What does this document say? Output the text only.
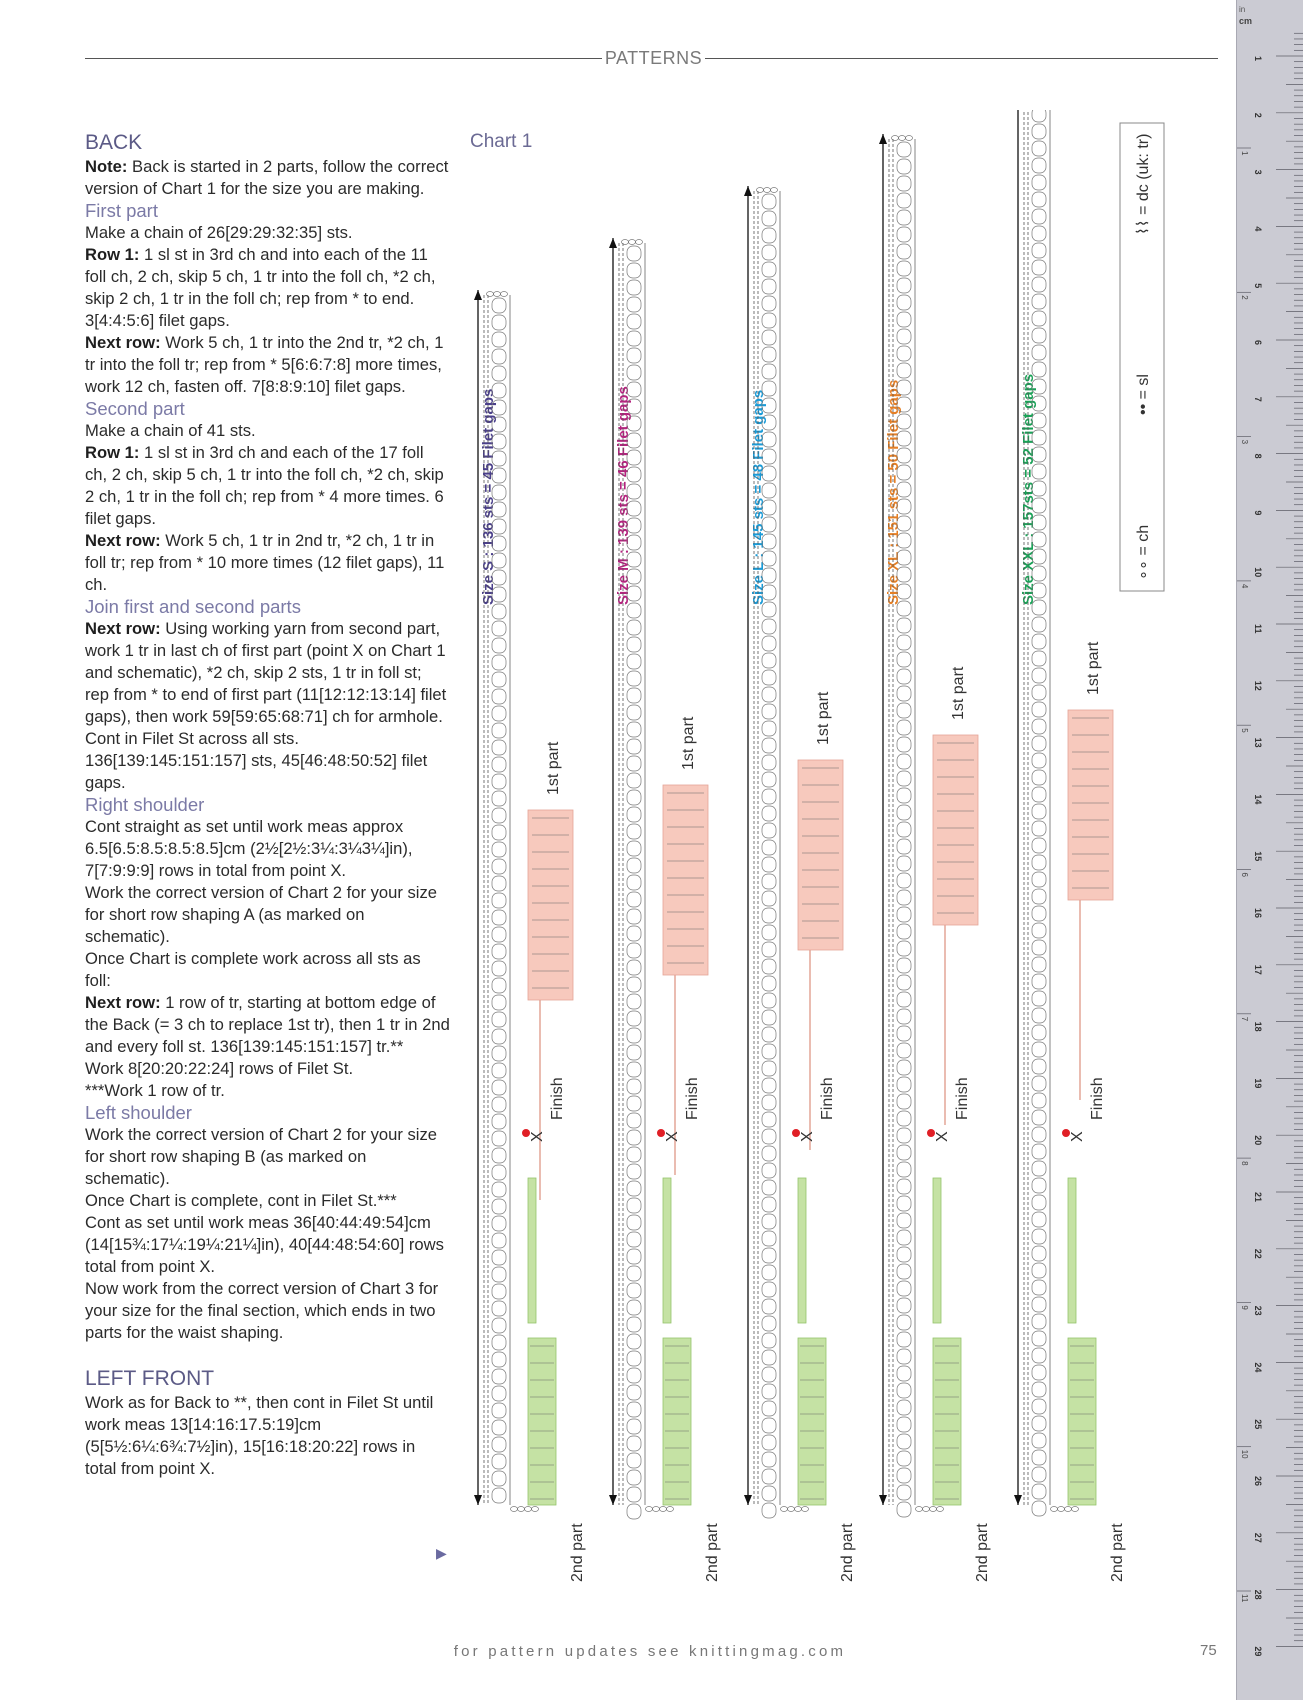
PATTERNS
BACK

Note: Back is started in 2 parts, follow the correct version of Chart 1 for the size you are making.

First part

Make a chain of 26[29:29:32:35] sts.

Row 1: 1 sl st in 3rd ch and into each of the 11 foll ch, 2 ch, skip 5 ch, 1 tr into the foll ch, *2 ch, skip 2 ch, 1 tr in the foll ch; rep from * to end. 3[4:4:5:6] filet gaps.

Next row: Work 5 ch, 1 tr into the 2nd tr, *2 ch, 1 tr into the foll tr; rep from * 5[6:6:7:8] more times, work 12 ch, fasten off. 7[8:8:9:10] filet gaps.

Second part

Make a chain of 41 sts.

Row 1: 1 sl st in 3rd ch and each of the 17 foll ch, 2 ch, skip 5 ch, 1 tr into the foll ch, *2 ch, skip 2 ch, 1 tr in the foll ch; rep from * 4 more times. 6 filet gaps.

Next row: Work 5 ch, 1 tr in 2nd tr, *2 ch, 1 tr in foll tr; rep from * 10 more times (12 filet gaps), 11 ch.

Join first and second parts

Next row: Using working yarn from second part, work 1 tr in last ch of first part (point X on Chart 1 and schematic), *2 ch, skip 2 sts, 1 tr in foll st; rep from * to end of first part (11[12:12:13:14] filet gaps), then work 59[59:65:68:71] ch for armhole.

Cont in Filet St across all sts. 136[139:145:151:157] sts, 45[46:48:50:52] filet gaps.

Right shoulder

Cont straight as set until work meas approx 6.5[6.5:8.5:8.5:8.5]cm (2½[2½:3¼:3¼3¼]in), 7[7:9:9:9] rows in total from point X.

Work the correct version of Chart 2 for your size for short row shaping A (as marked on schematic).

Once Chart is complete work across all sts as foll:

Next row: 1 row of tr, starting at bottom edge of the Back (= 3 ch to replace 1st tr), then 1 tr in 2nd and every foll st. 136[139:145:151:157] tr.**

Work 8[20:20:22:24] rows of Filet St.

***Work 1 row of tr.

Left shoulder

Work the correct version of Chart 2 for your size for short row shaping B (as marked on schematic).

Once Chart is complete, cont in Filet St.***

Cont as set until work meas 36[40:44:49:54]cm (14[15¾:17¼:19¼:21¼]in), 40[44:48:54:60] rows total from point X.

Now work from the correct version of Chart 3 for your size for the final section, which ends in two parts for the waist shaping.

LEFT FRONT

Work as for Back to **, then cont in Filet St until work meas 13[14:16:17.5:19]cm (5[5½:6¼:6¾:7½]in), 15[16:18:20:22] rows in total from point X.

▶
Chart 1
Size S : 136 sts = 45 Filet gaps
1st part
Finish
X
2nd part
Size M : 139 sts = 46 Filet gaps
1st part
Finish
X
2nd part
Size L : 145 sts = 48 Filet gaps
1st part
Finish
X
2nd part
Size XL : 151 sts = 50 Filet gaps
1st part
Finish
X
2nd part
Size XXL : 157sts = 52 Filet gaps
1st part
Finish
X
2nd part
∘∘ = ch
•• = sl
⌇⌇ = dc (uk: tr)
in
cm
1
2
3
4
5
6
7
8
9
10
11
12
13
14
15
16
17
18
19
20
21
22
23
24
25
26
27
28
29
1
2
3
4
5
6
7
8
9
10
11
for pattern updates see knittingmag.com	75
